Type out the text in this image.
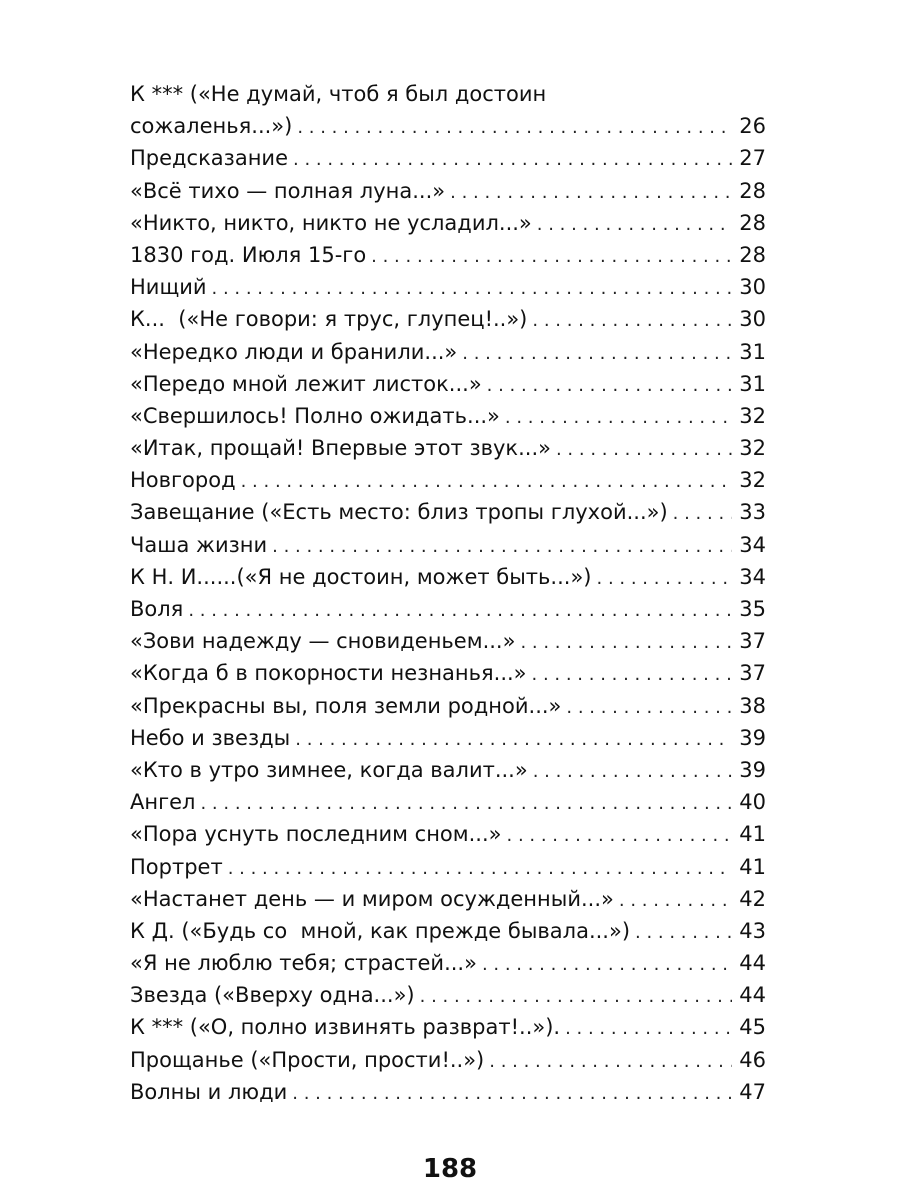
К *** («Не думай, чтоб я был достоин
сожаленья...») . . .	26
Предсказание . . .	27
«Всё тихо — полная луна...» . . .	28
«Никто, никто, никто не усладил...» . . .	28
1830 год. Июля 15-го . . .	28
Нищий . . .	30
К...  («Не говори: я трус, глупец!..») . . .	30
«Нередко люди и бранили...» . . .	31
«Передо мной лежит листок...» . . .	31
«Свершилось! Полно ожидать...» . . .	32
«Итак, прощай! Впервые этот звук...» . . .	32
Новгород . . .	32
Завещание («Есть место: близ тропы глухой...») . . .	33
Чаша жизни . . .	34
К Н. И......(«Я не достоин, может быть...») . . .	34
Воля . . .	35
«Зови надежду — сновиденьем...» . . .	37
«Когда б в покорности незнанья...» . . .	37
«Прекрасны вы, поля земли родной...» . . .	38
Небо и звезды . . .	39
«Кто в утро зимнее, когда валит...» . . .	39
Ангел . . .	40
«Пора уснуть последним сном...» . . .	41
Портрет . . .	41
«Настанет день — и миром осужденный...» . . .	42
К Д. («Будь со  мной, как прежде бывала...») . . .	43
«Я не люблю тебя; страстей...» . . .	44
Звезда («Вверху одна...») . . .	44
К *** («О, полно извинять разврат!..»). . . .	45
Прощанье («Прости, прости!..») . . .	46
Волны и люди . . .	47
188
